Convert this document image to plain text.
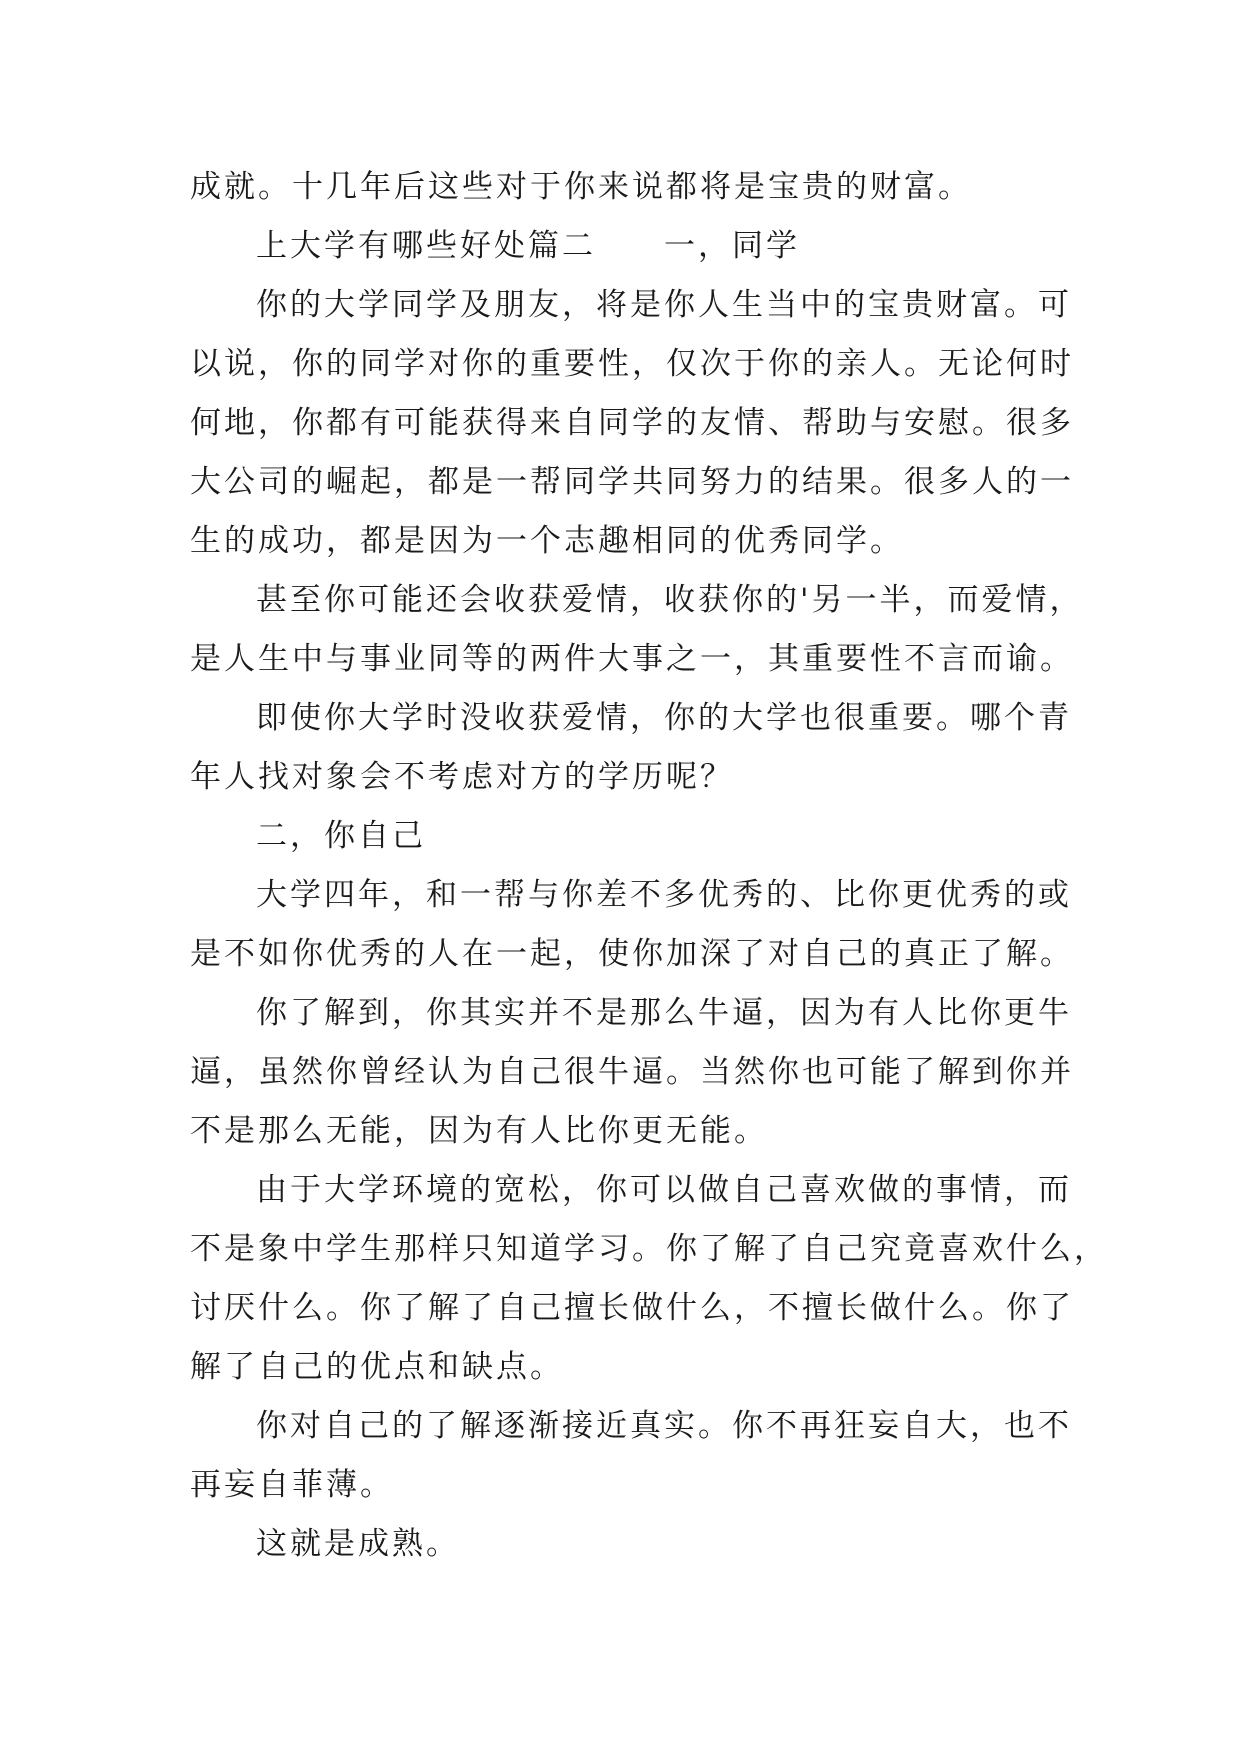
成就。十几年后这些对于你来说都将是宝贵的财富。
上大学有哪些好处篇二　　一，同学
你的大学同学及朋友，将是你人生当中的宝贵财富。可
以说，你的同学对你的重要性，仅次于你的亲人。无论何时
何地，你都有可能获得来自同学的友情、帮助与安慰。很多
大公司的崛起，都是一帮同学共同努力的结果。很多人的一
生的成功，都是因为一个志趣相同的优秀同学。
甚至你可能还会收获爱情，收获你的'另一半，而爱情，
是人生中与事业同等的两件大事之一，其重要性不言而谕。
即使你大学时没收获爱情，你的大学也很重要。哪个青
年人找对象会不考虑对方的学历呢？
二，你自己
大学四年，和一帮与你差不多优秀的、比你更优秀的或
是不如你优秀的人在一起，使你加深了对自己的真正了解。
你了解到，你其实并不是那么牛逼，因为有人比你更牛
逼，虽然你曾经认为自己很牛逼。当然你也可能了解到你并
不是那么无能，因为有人比你更无能。
由于大学环境的宽松，你可以做自己喜欢做的事情，而
不是象中学生那样只知道学习。你了解了自己究竟喜欢什么，
讨厌什么。你了解了自己擅长做什么，不擅长做什么。你了
解了自己的优点和缺点。
你对自己的了解逐渐接近真实。你不再狂妄自大，也不
再妄自菲薄。
这就是成熟。
